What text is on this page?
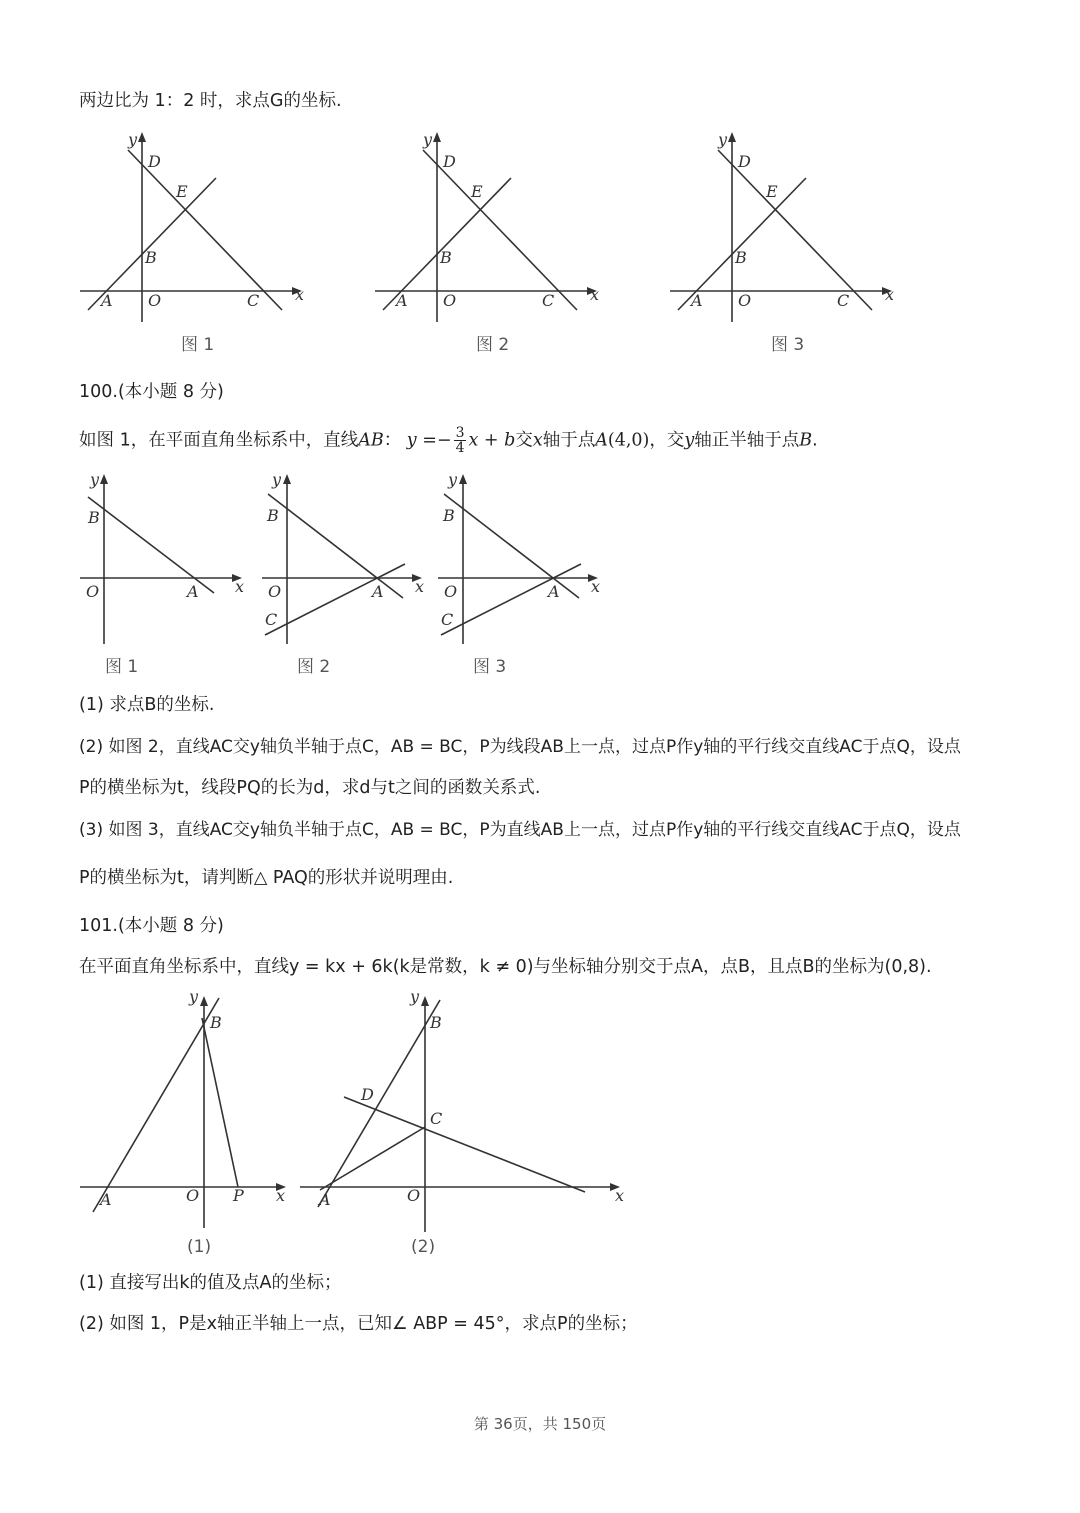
两边比为 1：2 时，求点G的坐标.
y
x
D
E
B
A O	C
图 1
y
x
D
E
B
A O	C
图 2
y
x
D
E
B
A O	C
图 3
y
x
B
O	A
图 1
y
x
B
O	A
C
图 2
y
x
B
O	A
C
图 3
y
x
B
A	O P
(1)
y
x
B
D
C
A	O
(2)
100.(本小题 8 分)
如图 1，在平面直角坐标系中，直线AB： $y =- \frac{3}{4}$ x + b交x轴于点A(4,0)，交y轴正半轴于点B.
(1) 求点B的坐标.
(2) 如图 2，直线AC交y轴负半轴于点C，AB = BC，P为线段AB上一点，过点P作y轴的平行线交直线AC于点Q，设点
P的横坐标为t，线段PQ的长为d，求d与t之间的函数关系式.
(3) 如图 3，直线AC交y轴负半轴于点C，AB = BC，P为直线AB上一点，过点P作y轴的平行线交直线AC于点Q，设点
P的横坐标为t，请判断△ PAQ的形状并说明理由.
101.(本小题 8 分)
在平面直角坐标系中，直线y = kx + 6k(k是常数，k ≠ 0)与坐标轴分别交于点A，点B，且点B的坐标为(0,8).
(1) 直接写出k的值及点A的坐标；
(2) 如图 1，P是x轴正半轴上一点，已知∠ ABP = 45°，求点P的坐标；
第 36页，共 150页
